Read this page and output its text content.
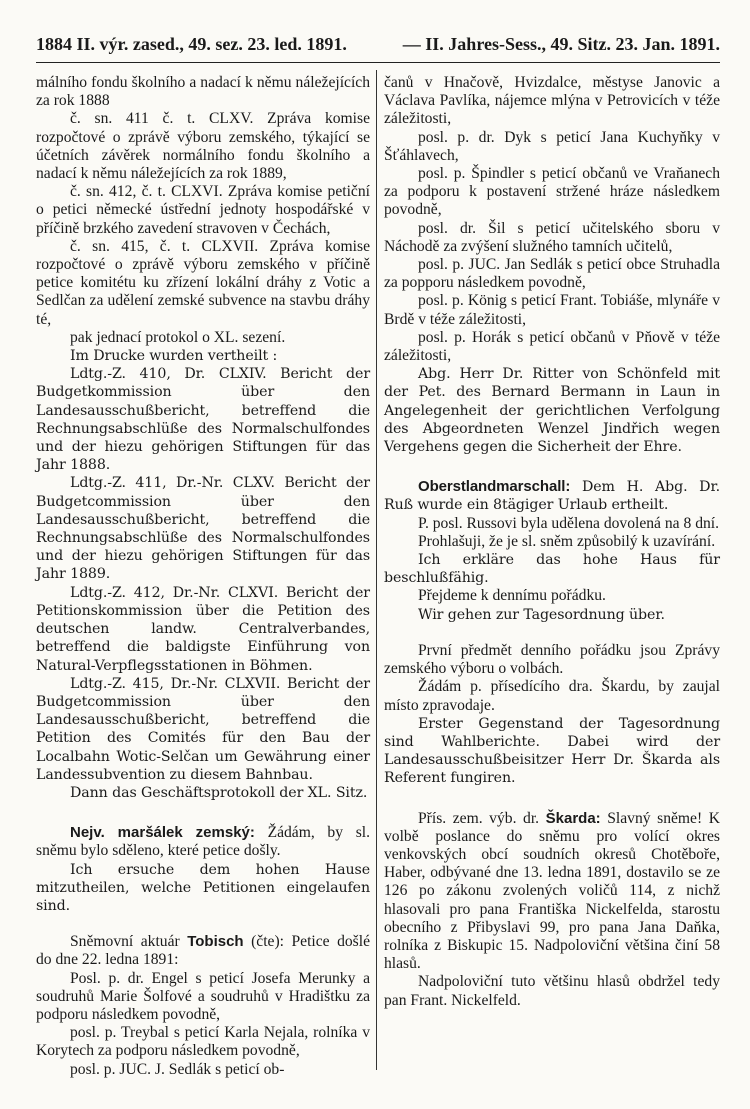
1884 II. výr. zased., 49. sez. 23. led. 1891.	— II. Jahres-Sess., 49. Sitz. 23. Jan. 1891.

málního fondu školního a nadací k němu náležejících za rok 1888

č. sn. 411 č. t. CLXV. Zpráva komise rozpočtové o zprávě výboru zemského, týkající se účetních závěrek normálního fondu školního a nadací k němu náležejících za rok 1889,

č. sn. 412, č. t. CLXVI. Zpráva komise petiční o petici německé ústřední jednoty hospodářské v příčině brzkého zavedení stravoven v Čechách,

č. sn. 415, č. t. CLXVII. Zpráva komise rozpočtové o zprávě výboru zemského v příčině petice komitétu ku zřízení lokální dráhy z Votic a Sedlčan za udělení zemské subvence na stavbu dráhy té,

pak jednací protokol o XL. sezení.

Im Drucke wurden vertheilt :

Ldtg.-Z. 410, Dr. CLXIV. Bericht der Budgetkommission über den Landesausschußbericht, betreffend die Rechnungsabschlüße des Normalschulfondes und der hiezu gehörigen Stiftungen für das Jahr 1888.

Ldtg.-Z. 411, Dr.-Nr. CLXV. Bericht der Budgetcommission über den Landesausschußbericht, betreffend die Rechnungsabschlüße des Normalschulfondes und der hiezu gehörigen Stiftungen für das Jahr 1889.

Ldtg.-Z. 412, Dr.-Nr. CLXVI. Bericht der Petitionskommission über die Petition des deutschen landw. Centralverbandes, betreffend die baldigste Einführung von Natural-Verpflegsstationen in Böhmen.

Ldtg.-Z. 415, Dr.-Nr. CLXVII. Bericht der Budgetcommission über den Landesausschußbericht, betreffend die Petition des Comités für den Bau der Localbahn Wotic-Selčan um Gewährung einer Landessubvention zu diesem Bahnbau.

Dann das Geschäftsprotokoll der XL. Sitz.

Nejv. maršálek zemský: Žádám, by sl. sněmu bylo sděleno, které petice došly.

Ich ersuche dem hohen Hause mitzutheilen, welche Petitionen eingelaufen sind.

Sněmovní aktuár Tobisch (čte): Petice došlé do dne 22. ledna 1891:

Posl. p. dr. Engel s peticí Josefa Merunky a soudruhů Marie Šolfové a soudruhů v Hradištku za podporu následkem povodně,

posl. p. Treybal s peticí Karla Nejala, rolníka v Korytech za podporu následkem povodně,

posl. p. JUC. J. Sedlák s peticí ob-

čanů v Hnačově, Hvizdalce, městyse Janovic a Václava Pavlíka, nájemce mlýna v Petrovicích v téže záležitosti,

posl. p. dr. Dyk s peticí Jana Kuchyňky v Šťáhlavech,

posl. p. Špindler s peticí občanů ve Vraňanech za podporu k postavení stržené hráze následkem povodně,

posl. dr. Šil s peticí učitelského sboru v Náchodě za zvýšení služného tamních učitelů,

posl. p. JUC. Jan Sedlák s peticí obce Struhadla za popporu následkem povodně,

posl. p. König s peticí Frant. Tobiáše, mlynáře v Brdě v téže záležitosti,

posl. p. Horák s peticí občanů v Pňově v téže záležitosti,

Abg. Herr Dr. Ritter von Schönfeld mit der Pet. des Bernard Bermann in Laun in Angelegenheit der gerichtlichen Verfolgung des Abgeordneten Wenzel Jindřich wegen Vergehens gegen die Sicherheit der Ehre.

Oberstlandmarschall: Dem H. Abg. Dr. Ruß wurde ein 8tägiger Urlaub ertheilt.

P. posl. Russovi byla udělena dovolená na 8 dní.

Prohlašuji, že je sl. sněm způsobilý k uzavírání.

Ich erkläre das hohe Haus für beschlußfähig.

Přejdeme k dennímu pořádku.

Wir gehen zur Tagesordnung über.

První předmět denního pořádku jsou Zprávy zemského výboru o volbách.

Žádám p. přísedícího dra. Škardu, by zaujal místo zpravodaje.

Erster Gegenstand der Tagesordnung sind Wahlberichte. Dabei wird der Landesausschußbeisitzer Herr Dr. Škarda als Referent fungiren.

Přís. zem. výb. dr. Škarda: Slavný sněme! K volbě poslance do sněmu pro volící okres venkovských obcí soudních okresů Chotěboře, Haber, odbývané dne 13. ledna 1891, dostavilo se ze 126 po zákonu zvolených voličů 114, z nichž hlasovali pro pana Františka Nickelfelda, starostu obecního z Přibyslavi 99, pro pana Jana Daňka, rolníka z Biskupic 15. Nadpoloviční většina činí 58 hlasů.

Nadpoloviční tuto většinu hlasů obdržel tedy pan Frant. Nickelfeld.
